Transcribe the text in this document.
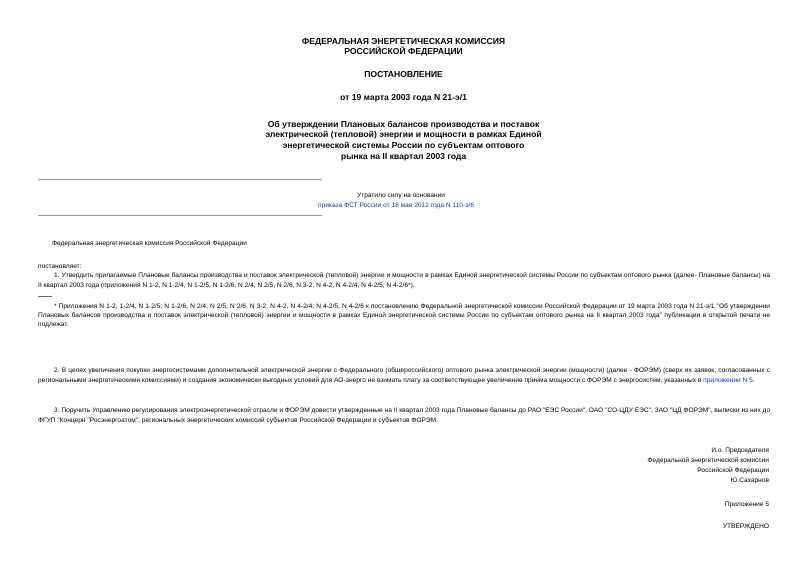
ФЕДЕРАЛЬНАЯ ЭНЕРГЕТИЧЕСКАЯ КОМИССИЯ
РОССИЙСКОЙ ФЕДЕРАЦИИ
ПОСТАНОВЛЕНИЕ
от 19 марта 2003 года N 21-э/1
Об утверждении Плановых балансов производства и поставок
электрической (тепловой) энергии и мощности в рамках Единой
энергетической системы России по субъектам оптового
рынка на II квартал 2003 года
Утратило силу на основании
приказа ФСТ России от 18 мая 2012 года N 110-э/6
Федеральная энергетическая комиссия Российской Федерации
постановляет:
1. Утвердить прилагаемые Плановые балансы производства и поставок электрической (тепловой) энергии и мощности в рамках Единой энергетической системы России по субъектам оптового рынка (далее- Плановые балансы) на II квартал 2003 года (приложения N 1-2, N 1-2/4, N 1-2/5, N 1-2/6, N 2/4, N 2/5, N 2/6, N 3-2, N 4-2, N 4-2/4, N 4-2/5, N 4-2/6*).
* Приложения N 1-2, 1-2/4, N 1-2/5, N 1-2/6, N 2/4, N 2/5, N 2/6, N 3-2, N 4-2, N 4-2/4, N 4-2/5, N 4-2/6 к постановлению Федеральной энергетической комиссии Российской Федерации от 19 марта 2003 года N 21-э/1 "Об утверждении Плановых балансов производства и поставок электрической (тепловой) энергии и мощности в рамках Единой энергетической системы России по субъектам оптового рынка на II квартал 2003 года" публикации в открытой печати не подлежат.
2. В целях увеличения покупки энергосистемами дополнительной электрической энергии с Федерального (общероссийского) оптового рынка электрической энергии (мощности) (далее - ФОРЭМ) (сверх их заявок, согласованных с региональными энергетическими комиссиями) и создания экономически выгодных условий для АО-энерго не взимать плату за соответствующее увеличение приема мощности с ФОРЭМ с энергосистем, указанных в приложении N 5.
3. Поручить Управлению регулирования электроэнергетической отрасли и ФОРЭМ довести утвержденные на II квартал 2003 года Плановые балансы до РАО "ЕЭС России", ОАО "СО-ЦДУ ЕЭС", ЗАО "ЦД ФОРЭМ", выписки из них до ФГУП "Концерн "Росэнергоатом", региональных энергетических комиссий субъектов Российской Федерации и субъектов ФОРЭМ.
И.о. Председателя
Федеральной энергетической комиссии
Российской Федерации
Ю.Сахарнов
Приложение 5
УТВЕРЖДЕНО
